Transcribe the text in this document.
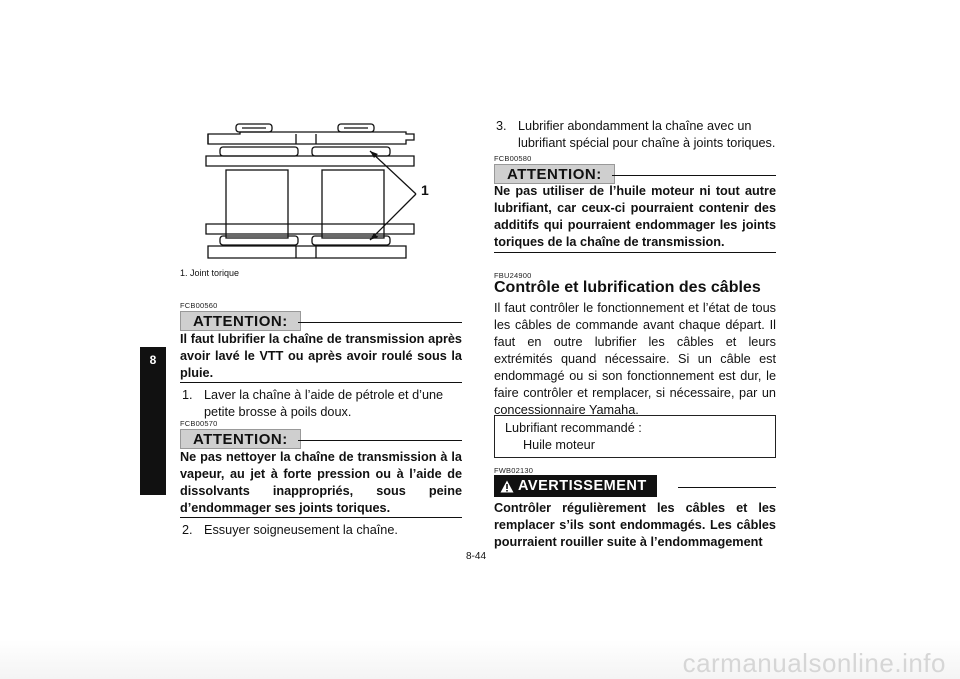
8
1
1. Joint torique
FCB00560
ATTENTION:
Il faut lubrifier la chaîne de transmission après avoir lavé le VTT ou après avoir roulé sous la pluie.
1. Laver la chaîne à l’aide de pétrole et d’une petite brosse à poils doux.
FCB00570
ATTENTION:
Ne pas nettoyer la chaîne de transmission à la vapeur, au jet à forte pression ou à l’aide de dissolvants inappropriés, sous peine d’endommager ses joints toriques.
2. Essuyer soigneusement la chaîne.
3. Lubrifier abondamment la chaîne avec un lubrifiant spécial pour chaîne à joints toriques.
FCB00580
ATTENTION:
Ne pas utiliser de l’huile moteur ni tout autre lubrifiant, car ceux-ci pourraient contenir des additifs qui pourraient endommager les joints toriques de la chaîne de transmission.
FBU24900
Contrôle et lubrification des câbles
Il faut contrôler le fonctionnement et l’état de tous les câbles de commande avant chaque départ. Il faut en outre lubrifier les câbles et leurs extrémités quand nécessaire. Si un câble est endommagé ou si son fonctionnement est dur, le faire contrôler et remplacer, si nécessaire, par un concessionnaire Yamaha.
Lubrifiant recommandé :
Huile moteur
FWB02130
AVERTISSEMENT
Contrôler régulièrement les câbles et les remplacer s’ils sont endommagés. Les câbles pourraient rouiller suite à l’endommagement
8-44
carmanualsonline.info
